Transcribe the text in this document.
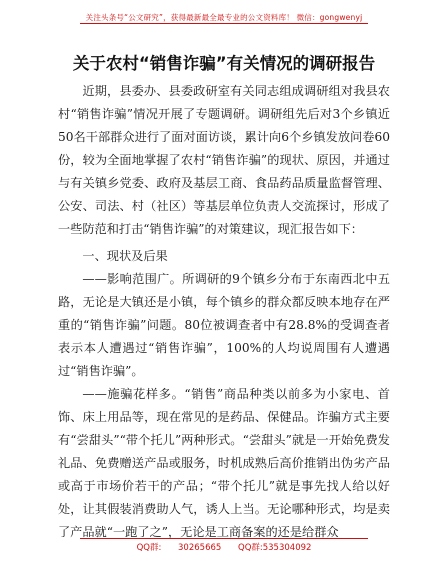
关注头条号“公文研究”，获得最新最全最专业的公文资料库！ 微信：gongwenyj
关于农村“销售诈骗”有关情况的调研报告

近期，县委办、县委政研室有关同志组成调研组对我县农村“销售诈骗”情况开展了专题调研。调研组先后对3个乡镇近50名干部群众进行了面对面访谈，累计向6个乡镇发放问卷60份，较为全面地掌握了农村“销售诈骗”的现状、原因，并通过与有关镇乡党委、政府及基层工商、食品药品质量监督管理、公安、司法、村（社区）等基层单位负责人交流探讨，形成了一些防范和打击“销售诈骗”的对策建议，现汇报告如下：

一、现状及后果

——影响范围广。所调研的9个镇乡分布于东南西北中五路，无论是大镇还是小镇，每个镇乡的群众都反映本地存在严重的“销售诈骗”问题。80位被调查者中有28.8%的受调查者表示本人遭遇过“销售诈骗”，100%的人均说周围有人遭遇过“销售诈骗”。

——施骗花样多。“销售”商品种类以前多为小家电、首饰、床上用品等，现在常见的是药品、保健品。诈骗方式主要有“尝甜头”“带个托儿”两种形式。“尝甜头”就是一开始免费发礼品、免费赠送产品或服务，时机成熟后高价推销出伪劣产品或高于市场价若干的产品；“带个托儿”就是事先找人给以好处，让其假装消费助人气，诱人上当。无论哪种形式，均是卖了产品就“一跑了之”，无论是工商备案的还是给群众

QQ群: 30265665 QQ群:535304092
